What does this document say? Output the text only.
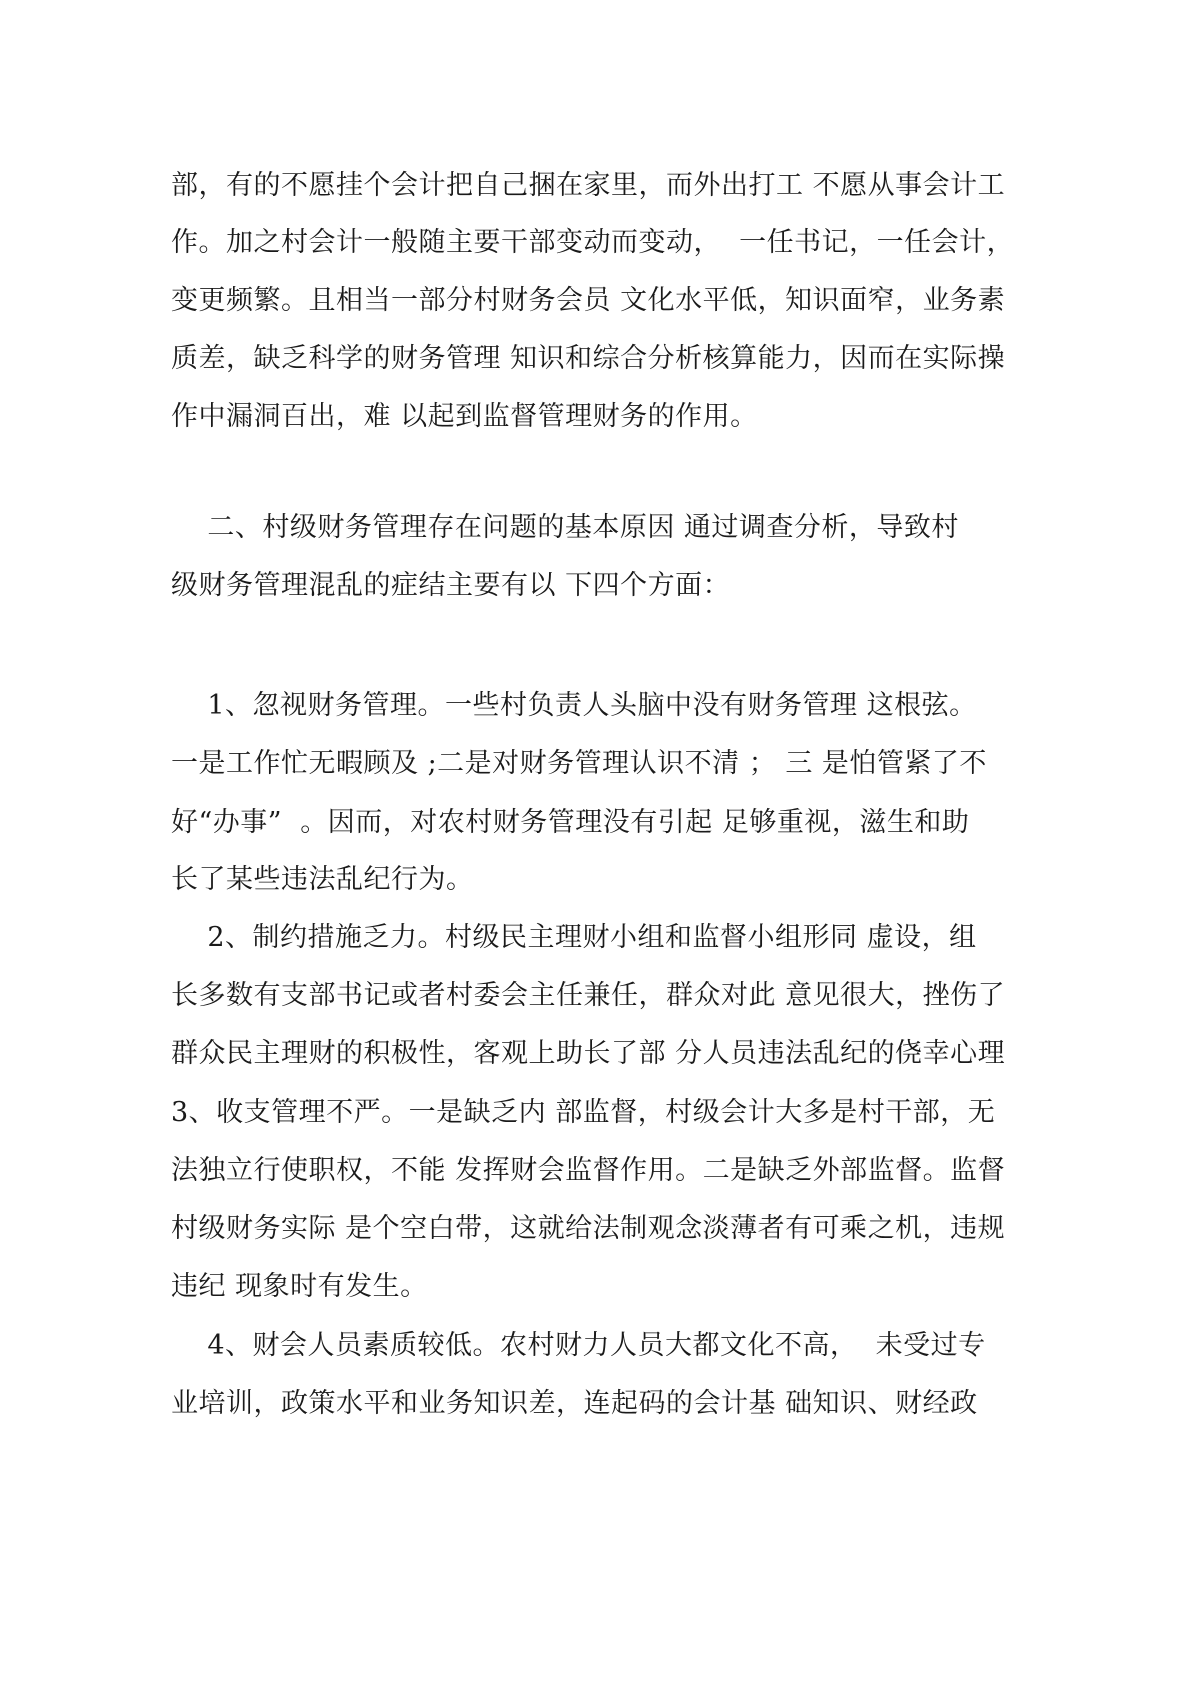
部，有的不愿挂个会计把自己捆在家里，而外出打工 不愿从事会计工
作。加之村会计一般随主要干部变动而变动，  一任书记，一任会计，
变更频繁。且相当一部分村财务会员 文化水平低，知识面窄，业务素
质差，缺乏科学的财务管理 知识和综合分析核算能力，因而在实际操
作中漏洞百出，难 以起到监督管理财务的作用。
二、村级财务管理存在问题的基本原因 通过调查分析，导致村
级财务管理混乱的症结主要有以 下四个方面：
1、忽视财务管理。一些村负责人头脑中没有财务管理 这根弦。
一是工作忙无暇顾及 ;二是对财务管理认识不清 ； 三 是怕管紧了不
好“办事”  。因而，对农村财务管理没有引起 足够重视，滋生和助
长了某些违法乱纪行为。
2、制约措施乏力。村级民主理财小组和监督小组形同 虚设，组
长多数有支部书记或者村委会主任兼任，群众对此 意见很大，挫伤了
群众民主理财的积极性，客观上助长了部 分人员违法乱纪的侥幸心理
3、收支管理不严。一是缺乏内 部监督，村级会计大多是村干部，无
法独立行使职权，不能 发挥财会监督作用。二是缺乏外部监督。监督
村级财务实际 是个空白带，这就给法制观念淡薄者有可乘之机，违规
违纪 现象时有发生。
4、财会人员素质较低。农村财力人员大都文化不高，  未受过专
业培训，政策水平和业务知识差，连起码的会计基 础知识、财经政
